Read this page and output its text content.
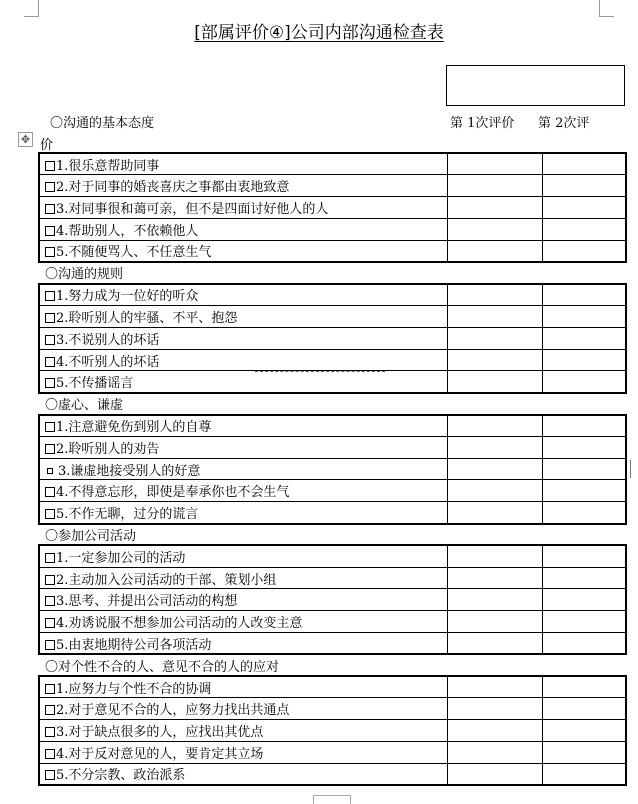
[部属评价④]公司内部沟通检查表
〇沟通的基本态度	第 1次评价 第 2次评
✥ 价
1.很乐意帮助同事		
2.对于同事的婚丧喜庆之事都由衷地致意		
3.对同事很和蔼可亲，但不是四面讨好他人的人		
4.帮助别人，不依赖他人		
5.不随便骂人、不任意生气		
〇沟通的规则		
1.努力成为一位好的听众		
2.聆听别人的牢骚、不平、抱怨		
3.不说别人的坏话		
4.不听别人的坏话		
5.不传播谣言		
〇虚心、谦虚		
1.注意避免伤到别人的自尊		
2.聆听别人的劝告		
3.谦虚地接受别人的好意		
4.不得意忘形，即使是奉承你也不会生气		
5.不作无聊，过分的谎言		
〇参加公司活动		
1.一定参加公司的活动		
2.主动加入公司活动的干部、策划小组		
3.思考、并提出公司活动的构想		
4.劝诱说服不想参加公司活动的人改变主意		
5.由衷地期待公司各项活动		
〇对个性不合的人、意见不合的人的应对		
1.应努力与个性不合的协调		
2.对于意见不合的人，应努力找出共通点		
3.对于缺点很多的人，应找出其优点		
4.对于反对意见的人，要肯定其立场		
5.不分宗教、政治派系		
